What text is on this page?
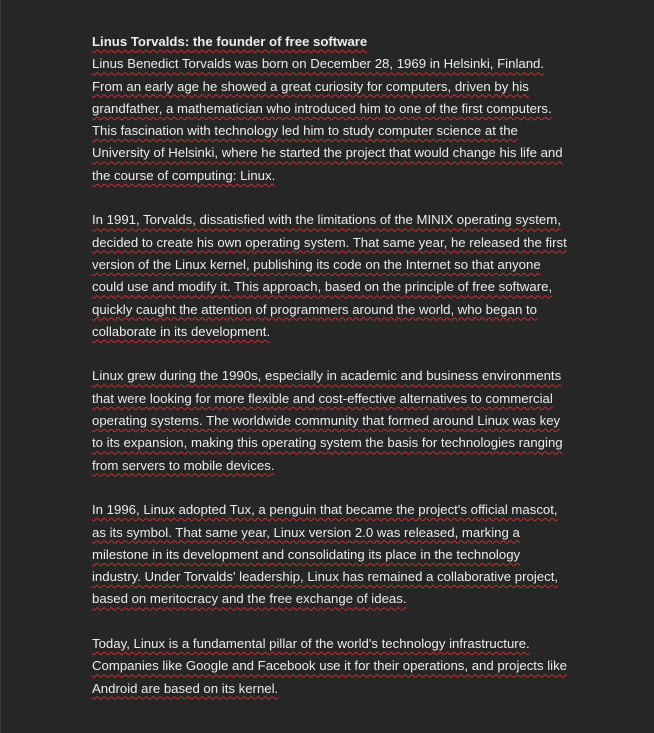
Linus Torvalds: the founder of free software

Linus Benedict Torvalds was born on December 28, 1969 in Helsinki, Finland. From an early age he showed a great curiosity for computers, driven by his grandfather, a mathematician who introduced him to one of the first computers. This fascination with technology led him to study computer science at the University of Helsinki, where he started the project that would change his life and the course of computing: Linux.

In 1991, Torvalds, dissatisfied with the limitations of the MINIX operating system, decided to create his own operating system. That same year, he released the first version of the Linux kernel, publishing its code on the Internet so that anyone could use and modify it. This approach, based on the principle of free software, quickly caught the attention of programmers around the world, who began to collaborate in its development.

Linux grew during the 1990s, especially in academic and business environments that were looking for more flexible and cost-effective alternatives to commercial operating systems. The worldwide community that formed around Linux was key to its expansion, making this operating system the basis for technologies ranging from servers to mobile devices.

In 1996, Linux adopted Tux, a penguin that became the project's official mascot, as its symbol. That same year, Linux version 2.0 was released, marking a milestone in its development and consolidating its place in the technology industry. Under Torvalds' leadership, Linux has remained a collaborative project, based on meritocracy and the free exchange of ideas.

Today, Linux is a fundamental pillar of the world's technology infrastructure. Companies like Google and Facebook use it for their operations, and projects like Android are based on its kernel.
